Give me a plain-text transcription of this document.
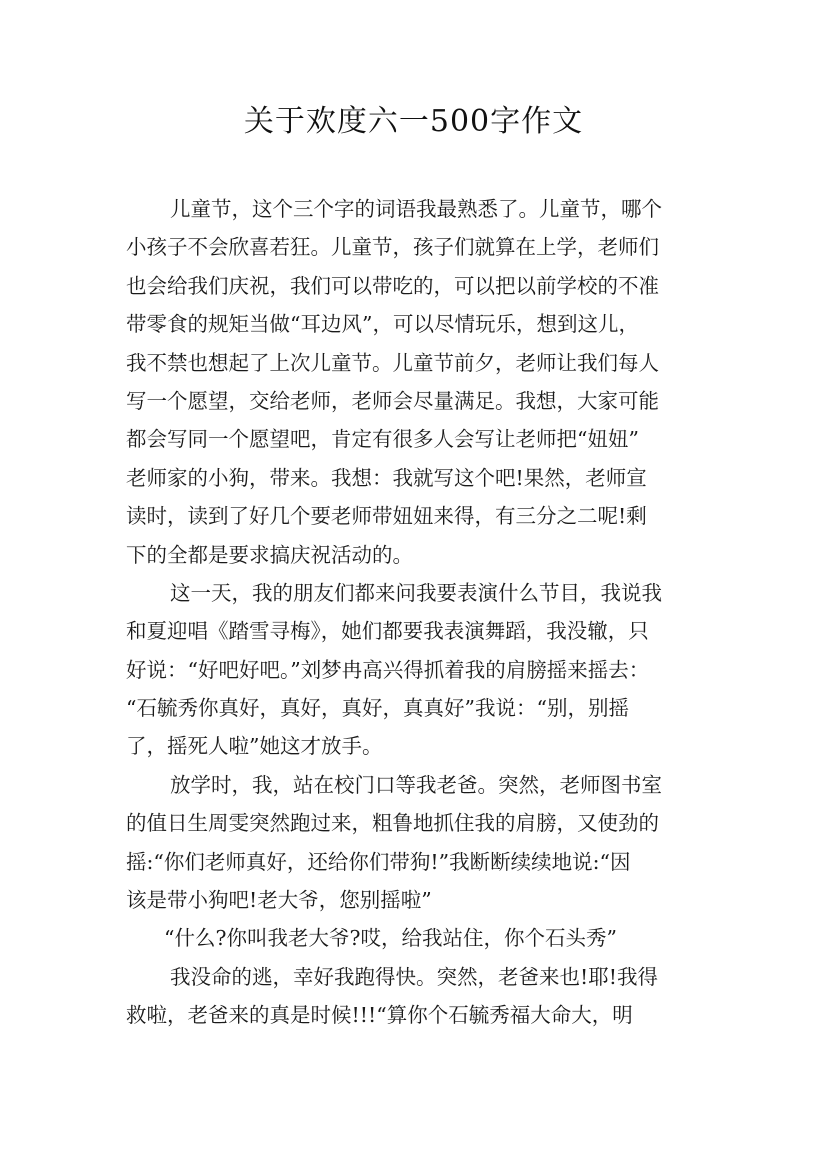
关于欢度六一500字作文
儿童节，这个三个字的词语我最熟悉了。儿童节，哪个
小孩子不会欣喜若狂。儿童节，孩子们就算在上学，老师们
也会给我们庆祝，我们可以带吃的，可以把以前学校的不准
带零食的规矩当做“耳边风”，可以尽情玩乐，想到这儿，
我不禁也想起了上次儿童节。儿童节前夕，老师让我们每人
写一个愿望，交给老师，老师会尽量满足。我想，大家可能
都会写同一个愿望吧，肯定有很多人会写让老师把“妞妞”
老师家的小狗，带来。我想：我就写这个吧!果然，老师宣
读时，读到了好几个要老师带妞妞来得，有三分之二呢!剩
下的全都是要求搞庆祝活动的。
这一天，我的朋友们都来问我要表演什么节目，我说我
和夏迎唱《踏雪寻梅》，她们都要我表演舞蹈，我没辙，只
好说：“好吧好吧。”刘梦冉高兴得抓着我的肩膀摇来摇去：
“石毓秀你真好，真好，真好，真真好”我说：“别，别摇
了，摇死人啦”她这才放手。
放学时，我，站在校门口等我老爸。突然，老师图书室
的值日生周雯突然跑过来，粗鲁地抓住我的肩膀，又使劲的
摇:“你们老师真好，还给你们带狗!”我断断续续地说:“因
该是带小狗吧!老大爷，您别摇啦”
“什么?你叫我老大爷?哎，给我站住，你个石头秀”
我没命的逃，幸好我跑得快。突然，老爸来也!耶!我得
救啦，老爸来的真是时候!!!“算你个石毓秀福大命大，明
